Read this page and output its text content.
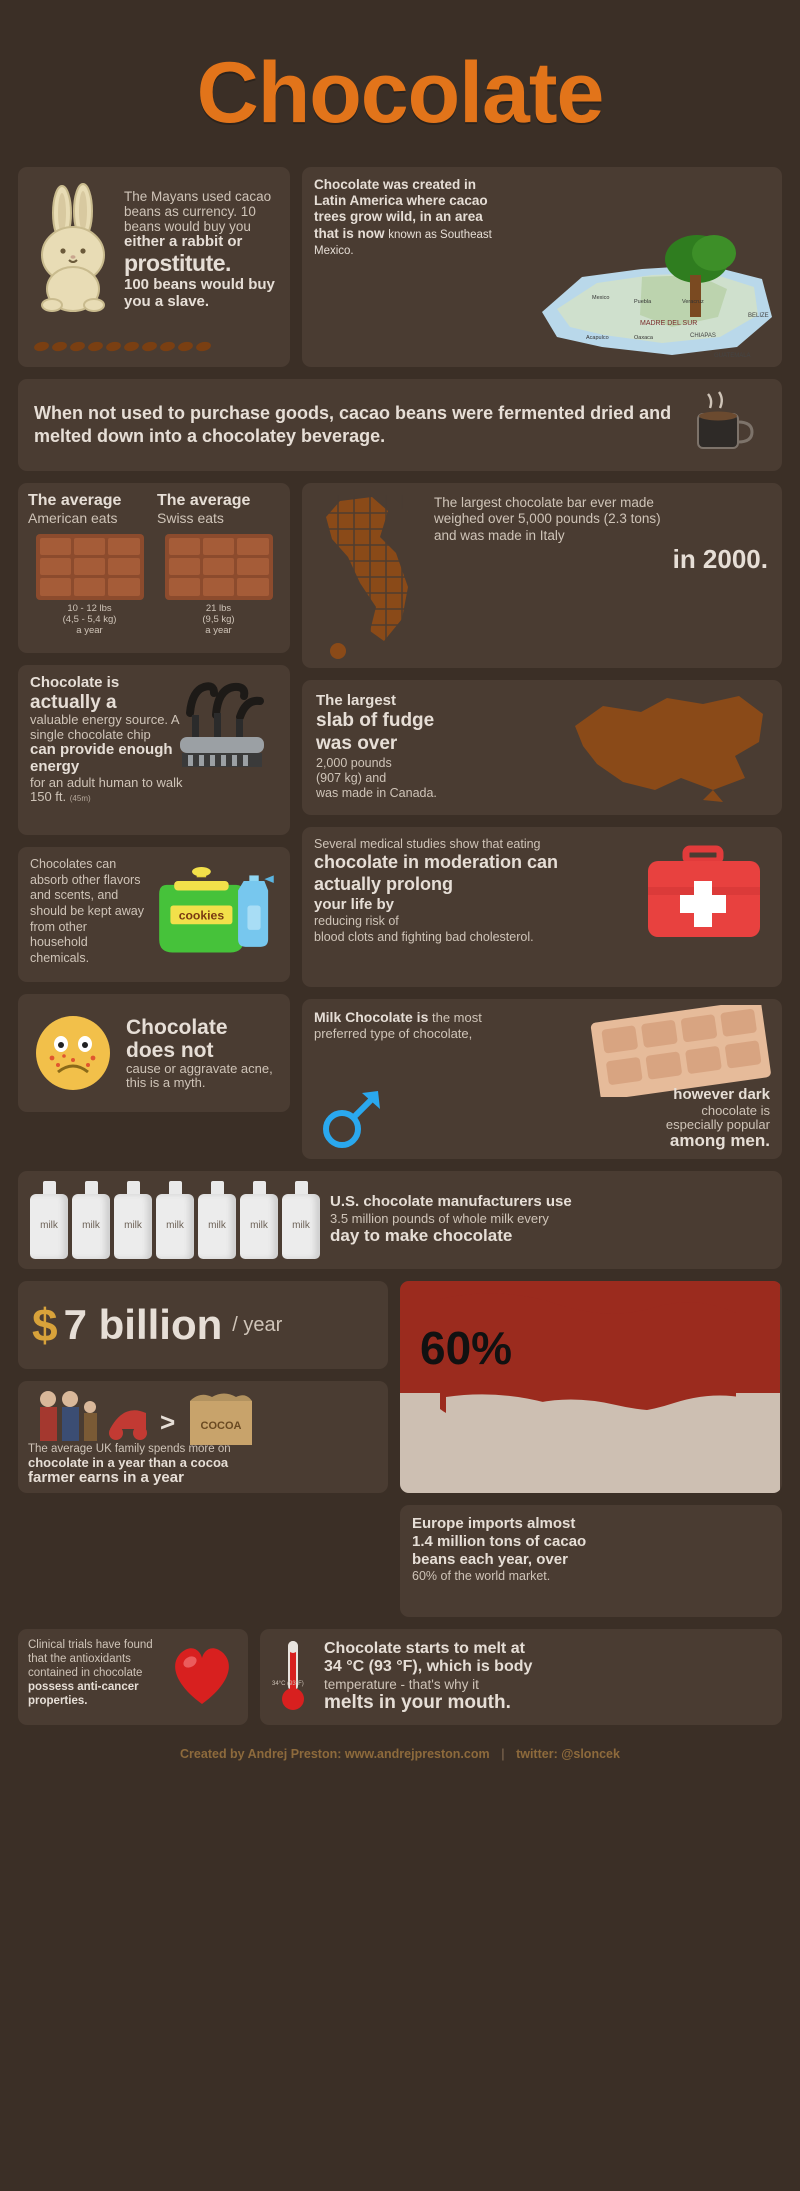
Chocolate
The Mayans used cacao beans as currency. 10 beans would buy you
either a rabbit or
prostitute.
100 beans would buy you a slave.
Chocolate was created in Latin America where cacao trees grow wild, in an area that is now known as Southeast Mexico.
MADRE DEL SUR
CHIAPAS
GUATEMALA
BELIZE
Acapulco	Oaxaca
Veracruz
Puebla
Mexico
When not used to purchase goods, cacao beans were fermented dried and melted down into a chocolatey beverage.
The average
American eats
10 - 12 lbs
(4,5 - 5,4 kg)
a year
The average
Swiss eats
21 lbs
(9,5 kg)
a year
Chocolate is
actually a
valuable energy source. A single chocolate chip
can provide enough energy
for an adult human to walk 150 ft. (45m)
Chocolates can absorb other flavors and scents, and should be kept away from other household chemicals.
cookies
Chocolate
does not
cause or aggravate acne, this is a myth.
The largest chocolate bar ever made weighed over 5,000 pounds (2.3 tons) and was made in Italy
in 2000.
The largest
slab of fudge
was over
2,000 pounds
(907 kg) and
was made in Canada.
Several medical studies show that eating
chocolate in moderation can actually prolong
your life by
reducing risk of
blood clots and fighting bad cholesterol.
Milk Chocolate is the most preferred type of chocolate,
however dark
chocolate is
especially popular
among men.
milk	milk	milk	milk	milk	milk	milk
U.S. chocolate manufacturers use
3.5 million pounds of whole milk every
day to make chocolate
$ 7 billion / year
> COCOA
The average UK family spends more on
chocolate in a year than a cocoa
farmer earns in a year
60%
Europe imports almost
1.4 million tons of cacao
beans each year, over
60% of the world market.
Clinical trials have found
that the antioxidants
contained in chocolate
possess anti-cancer properties.
34°C (93°F)
Chocolate starts to melt at
34 °C (93 °F), which is body
temperature - that's why it
melts in your mouth.
Created by Andrej Preston: www.andrejpreston.com | twitter: @sloncek
